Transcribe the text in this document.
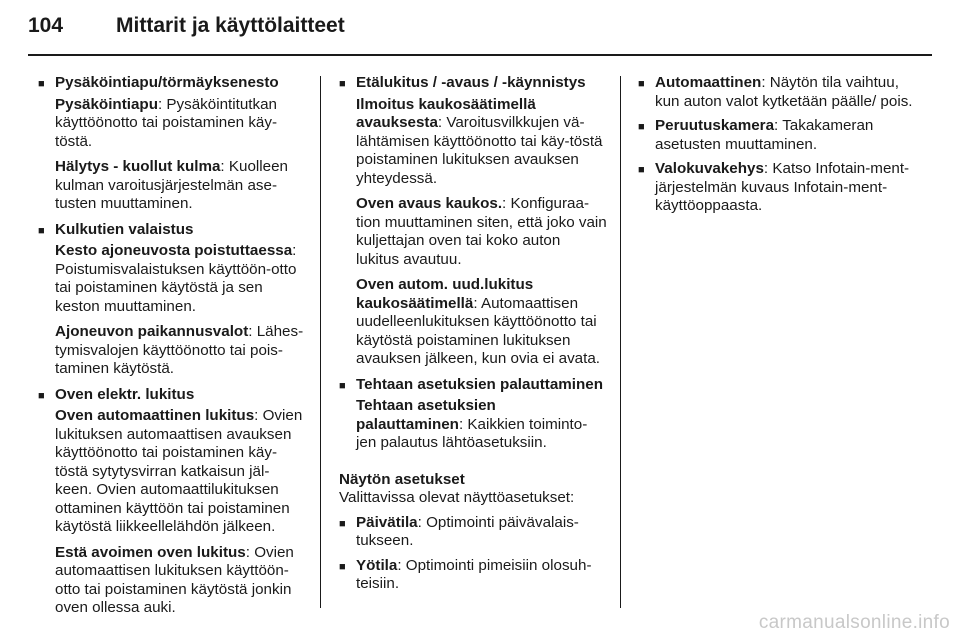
104	Mittarit ja käyttölaitteet
■ Pysäköintiapu/törmäyksenesto
Pysäköintiapu: Pysäköintitutkan käyttöönotto tai poistaminen käy‐töstä.
Hälytys - kuollut kulma: Kuolleen kulman varoitusjärjestelmän ase‐tusten muuttaminen.
■ Kulkutien valaistus
Kesto ajoneuvosta poistuttaessa: Poistumisvalaistuksen käyttöön‐otto tai poistaminen käytöstä ja sen keston muuttaminen.
Ajoneuvon paikannusvalot: Lähes‐tymisvalojen käyttöönotto tai pois‐taminen käytöstä.
■ Oven elektr. lukitus
Oven automaattinen lukitus: Ovien lukituksen automaattisen avauksen käyttöönotto tai poistaminen käy‐töstä sytytysvirran katkaisun jäl‐keen. Ovien automaattilukituksen ottaminen käyttöön tai poistaminen käytöstä liikkeellelähdön jälkeen.
Estä avoimen oven lukitus: Ovien automaattisen lukituksen käyttöön‐otto tai poistaminen käytöstä jonkin oven ollessa auki.
■ Etälukitus / -avaus / -käynnistys
Ilmoitus kaukosäätimellä avauksesta: Varoitusvilkkujen vä‐lähtämisen käyttöönotto tai käy‐töstä poistaminen lukituksen avauksen yhteydessä.
Oven avaus kaukos.: Konfiguraa‐tion muuttaminen siten, että joko vain kuljettajan oven tai koko auton lukitus avautuu.
Oven autom. uud.lukitus kaukosäätimellä: Automaattisen uudelleenlukituksen käyttöönotto tai käytöstä poistaminen lukituksen avauksen jälkeen, kun ovia ei avata.
■ Tehtaan asetuksien palauttaminen
Tehtaan asetuksien palauttaminen: Kaikkien toiminto‐jen palautus lähtöasetuksiin.
Näytön asetukset
Valittavissa olevat näyttöasetukset:
■ Päivätila: Optimointi päivävalais‐tukseen.
■ Yötila: Optimointi pimeisiin olosuh‐teisiin.
■ Automaattinen: Näytön tila vaihtuu, kun auton valot kytketään päälle/ pois.
■ Peruutuskamera: Takakameran asetusten muuttaminen.
■ Valokuvakehys: Katso Infotain‐ment-järjestelmän kuvaus Infotain‐ment-käyttöoppaasta.
carmanualsonline.info
